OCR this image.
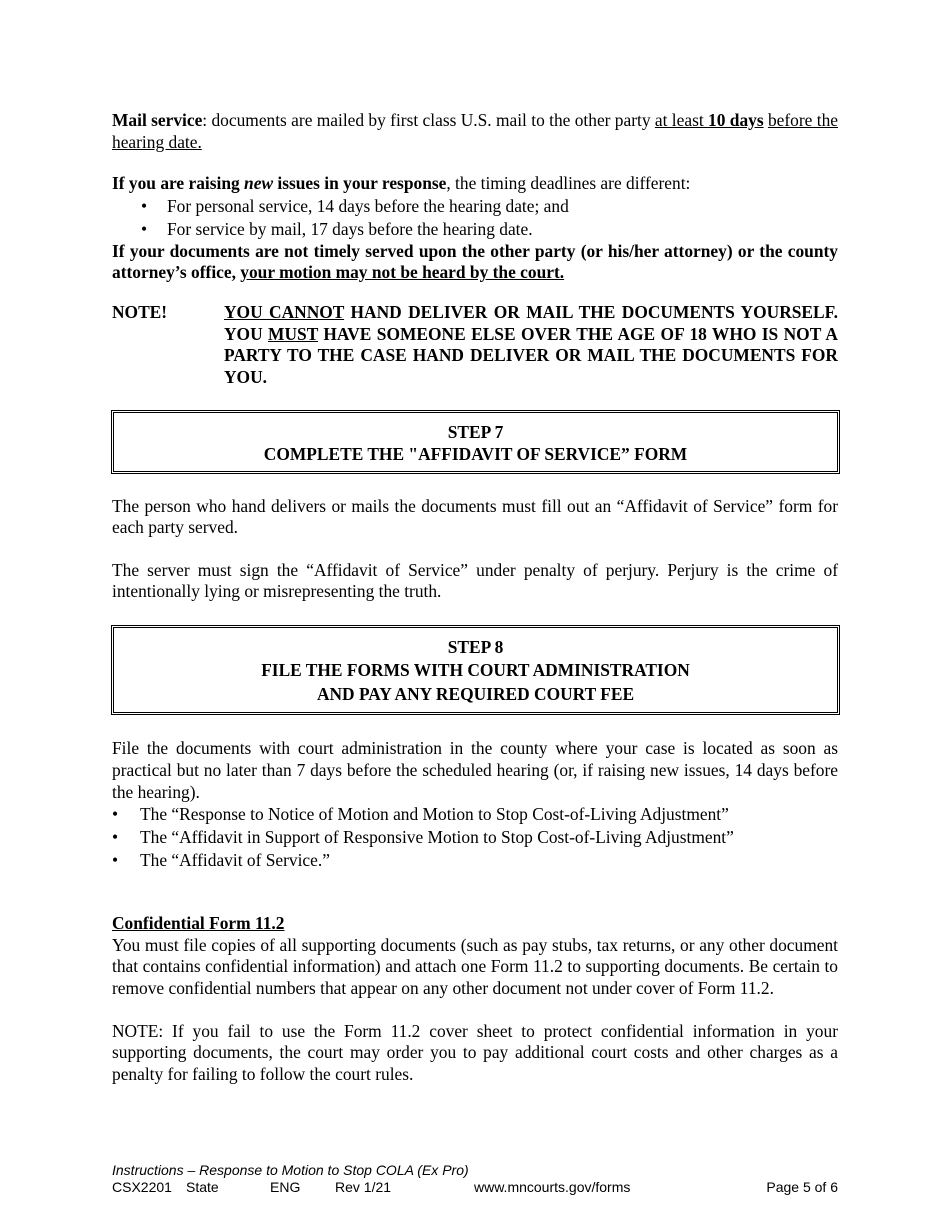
Mail service: documents are mailed by first class U.S. mail to the other party at least 10 days before the hearing date.

If you are raising new issues in your response, the timing deadlines are different:

• For personal service, 14 days before the hearing date; and
• For service by mail, 17 days before the hearing date.

If your documents are not timely served upon the other party (or his/her attorney) or the county attorney’s office, your motion may not be heard by the court.

NOTE!	YOU CANNOT HAND DELIVER OR MAIL THE DOCUMENTS YOURSELF. YOU MUST HAVE SOMEONE ELSE OVER THE AGE OF 18 WHO IS NOT A PARTY TO THE CASE HAND DELIVER OR MAIL THE DOCUMENTS FOR YOU.
STEP 7
COMPLETE THE "AFFIDAVIT OF SERVICE” FORM

The person who hand delivers or mails the documents must fill out an “Affidavit of Service” form for each party served.

The server must sign the “Affidavit of Service” under penalty of perjury. Perjury is the crime of intentionally lying or misrepresenting the truth.

STEP 8
FILE THE FORMS WITH COURT ADMINISTRATION
AND PAY ANY REQUIRED COURT FEE

File the documents with court administration in the county where your case is located as soon as practical but no later than 7 days before the scheduled hearing (or, if raising new issues, 14 days before the hearing).

• The “Response to Notice of Motion and Motion to Stop Cost-of-Living Adjustment”
• The “Affidavit in Support of Responsive Motion to Stop Cost-of-Living Adjustment”
• The “Affidavit of Service.”

Confidential Form 11.2

You must file copies of all supporting documents (such as pay stubs, tax returns, or any other document that contains confidential information) and attach one Form 11.2 to supporting documents. Be certain to remove confidential numbers that appear on any other document not under cover of Form 11.2.

NOTE: If you fail to use the Form 11.2 cover sheet to protect confidential information in your supporting documents, the court may order you to pay additional court costs and other charges as a penalty for failing to follow the court rules.

Instructions – Response to Motion to Stop COLA (Ex Pro)
CSX2201 State	ENG Rev 1/21	www.mncourts.gov/forms	Page 5 of 6
